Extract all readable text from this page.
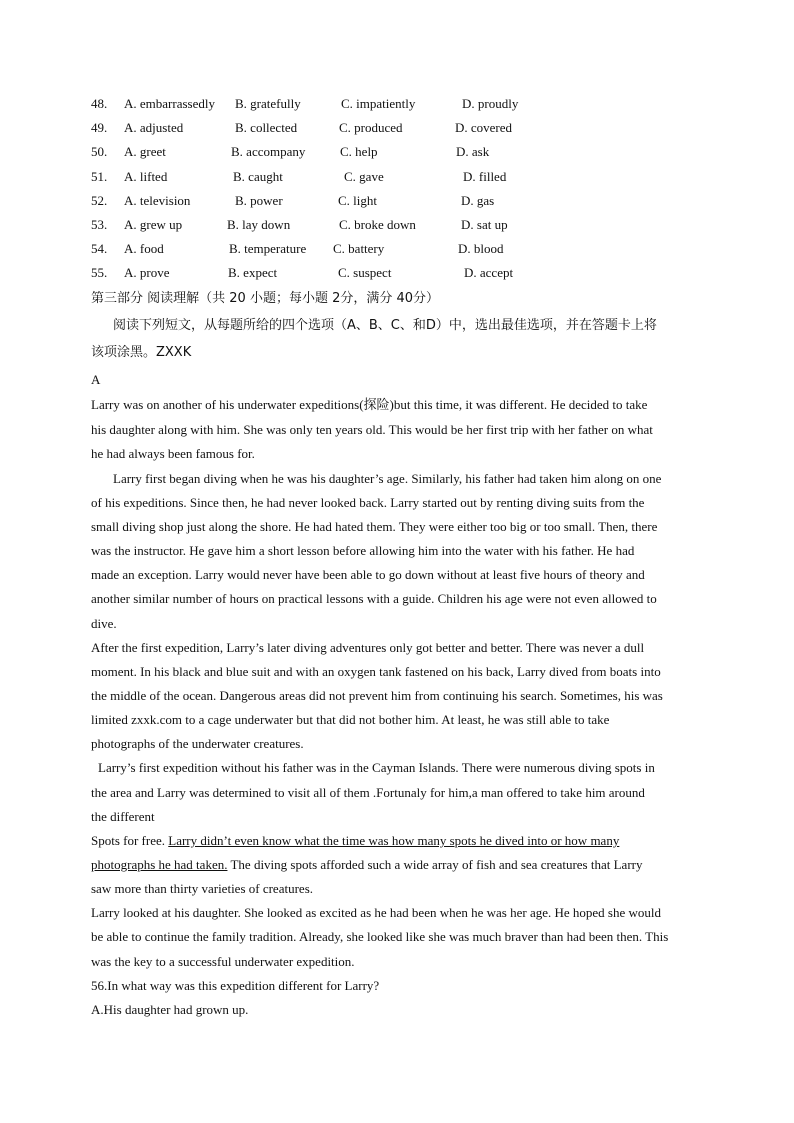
48. A. embarrassedly B. gratefully	C. impatiently	D. proudly
49. A. adjusted	B. collected	C. produced	D. covered
50. A. greet	B. accompany	C. help	D. ask
51. A. lifted	B. caught	C. gave	D. filled
52. A. television	B. power	C. light	D. gas
53. A. grew up	B. lay down	C. broke down	D. sat up
54. A. food	B. temperature C. battery	D. blood
55. A. prove	B. expect	C. suspect	D. accept
第三部分 阅读理解（共 20 小题；每小题 2分，满分 40分）
阅读下列短文，从每题所给的四个选项（A、B、C、和D）中，选出最佳选项，并在答题卡上将
该项涂黑。ZXXK
A
Larry was on another of his underwater expeditions(探险)but this time, it was different. He decided to take
his daughter along with him. She was only ten years old. This would be her first trip with her father on what
he had always been famous for.
Larry first began diving when he was his daughter’s age. Similarly, his father had taken him along on one
of his expeditions. Since then, he had never looked back. Larry started out by renting diving suits from the
small diving shop just along the shore. He had hated them. They were either too big or too small. Then, there
was the instructor. He gave him a short lesson before allowing him into the water with his father. He had
made an exception. Larry would never have been able to go down without at least five hours of theory and
another similar number of hours on practical lessons with a guide. Children his age were not even allowed to
dive.
After the first expedition, Larry’s later diving adventures only got better and better. There was never a dull
moment. In his black and blue suit and with an oxygen tank fastened on his back, Larry dived from boats into
the middle of the ocean. Dangerous areas did not prevent him from continuing his search. Sometimes, his was
limited zxxk.com to a cage underwater but that did not bother him. At least, he was still able to take
photographs of the underwater creatures.
Larry’s first expedition without his father was in the Cayman Islands. There were numerous diving spots in
the area and Larry was determined to visit all of them .Fortunaly for him,a man offered to take him around
the different
Spots for free. Larry didn’t even know what the time was how many spots he dived into or how many
photographs he had taken. The diving spots afforded such a wide array of fish and sea creatures that Larry
saw more than thirty varieties of creatures.
Larry looked at his daughter. She looked as excited as he had been when he was her age. He hoped she would
be able to continue the family tradition. Already, she looked like she was much braver than had been then. This
was the key to a successful underwater expedition.
56.In what way was this expedition different for Larry?
A.His daughter had grown up.
